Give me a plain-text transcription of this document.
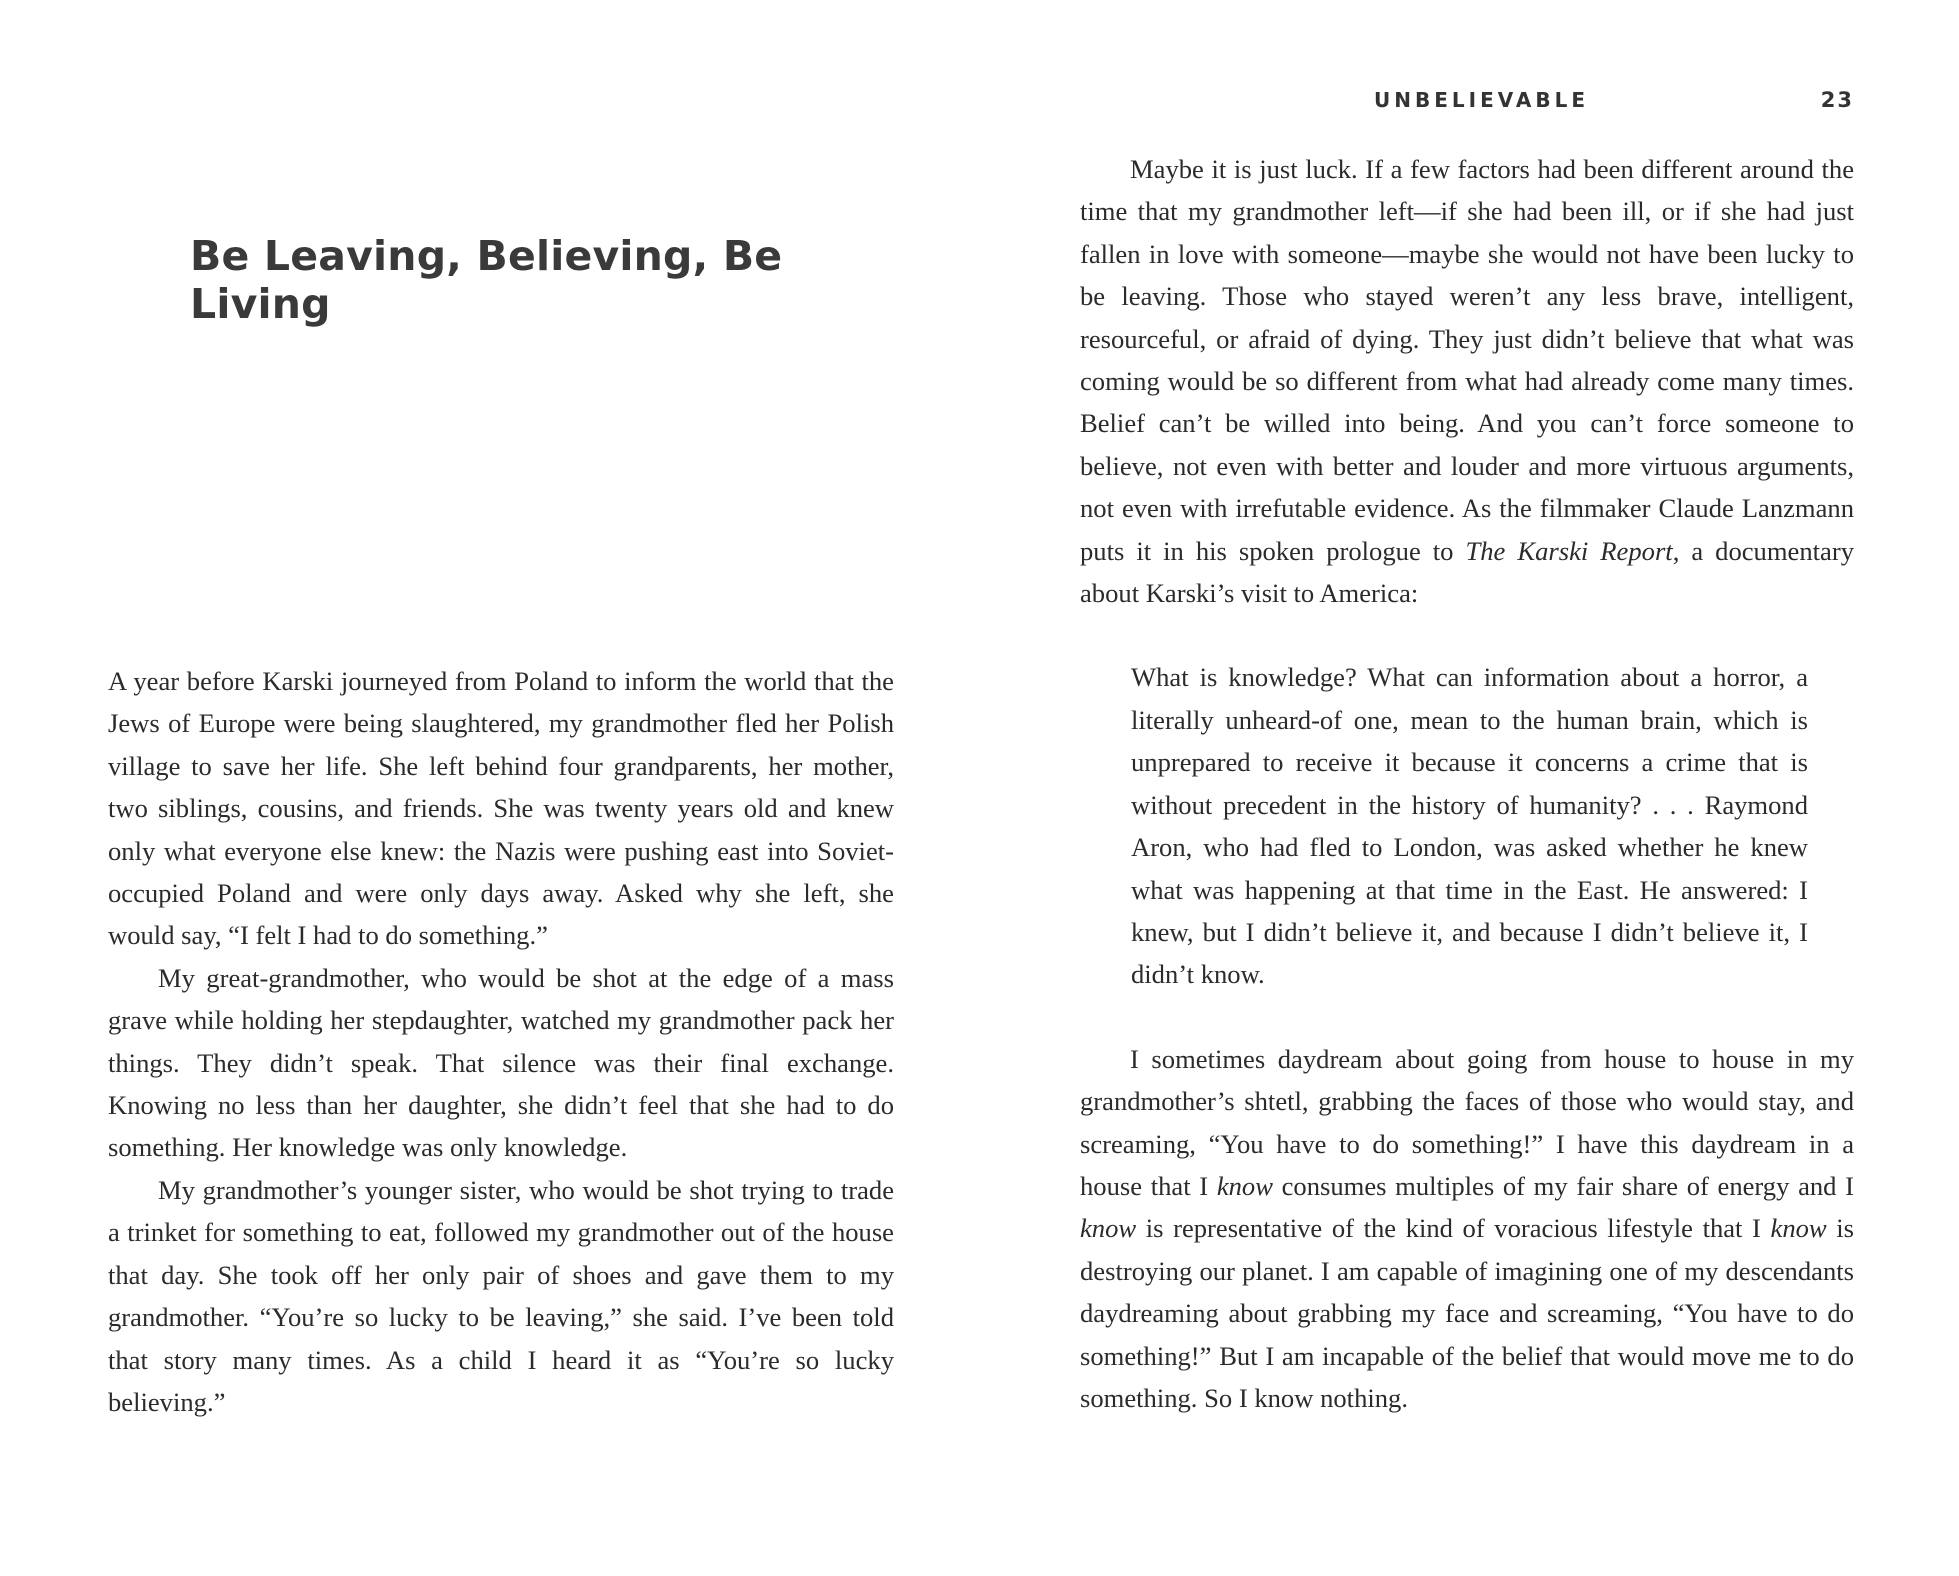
Be Leaving, Believing, Be Living

A year before Karski journeyed from Poland to inform the world that the Jews of Europe were being slaughtered, my grandmother fled her Polish village to save her life. She left behind four grandparents, her mother, two siblings, cousins, and friends. She was twenty years old and knew only what everyone else knew: the Nazis were pushing east into Soviet-occupied Poland and were only days away. Asked why she left, she would say, “I felt I had to do something.”

My great-grandmother, who would be shot at the edge of a mass grave while holding her stepdaughter, watched my grandmother pack her things. They didn’t speak. That silence was their final exchange. Knowing no less than her daughter, she didn’t feel that she had to do something. Her knowledge was only knowledge.

My grandmother’s younger sister, who would be shot trying to trade a trinket for something to eat, followed my grandmother out of the house that day. She took off her only pair of shoes and gave them to my grandmother. “You’re so lucky to be leaving,” she said. I’ve been told that story many times. As a child I heard it as “You’re so lucky believing.”

UNBELIEVABLE	23

Maybe it is just luck. If a few factors had been different around the time that my grandmother left—if she had been ill, or if she had just fallen in love with someone—maybe she would not have been lucky to be leaving. Those who stayed weren’t any less brave, intelligent, resourceful, or afraid of dying. They just didn’t believe that what was coming would be so different from what had already come many times. Belief can’t be willed into being. And you can’t force someone to believe, not even with better and louder and more virtuous arguments, not even with irrefutable evidence. As the filmmaker Claude Lanzmann puts it in his spoken prologue to The Karski Report, a documentary about Karski’s visit to America:

What is knowledge? What can information about a horror, a literally unheard-of one, mean to the human brain, which is unprepared to receive it because it concerns a crime that is without precedent in the history of humanity? . . . Raymond Aron, who had fled to London, was asked whether he knew what was happening at that time in the East. He answered: I knew, but I didn’t believe it, and because I didn’t believe it, I didn’t know.

I sometimes daydream about going from house to house in my grandmother’s shtetl, grabbing the faces of those who would stay, and screaming, “You have to do something!” I have this daydream in a house that I know consumes multiples of my fair share of energy and I know is representative of the kind of voracious lifestyle that I know is destroying our planet. I am capable of imagining one of my descendants daydreaming about grabbing my face and screaming, “You have to do something!” But I am incapable of the belief that would move me to do something. So I know nothing.
